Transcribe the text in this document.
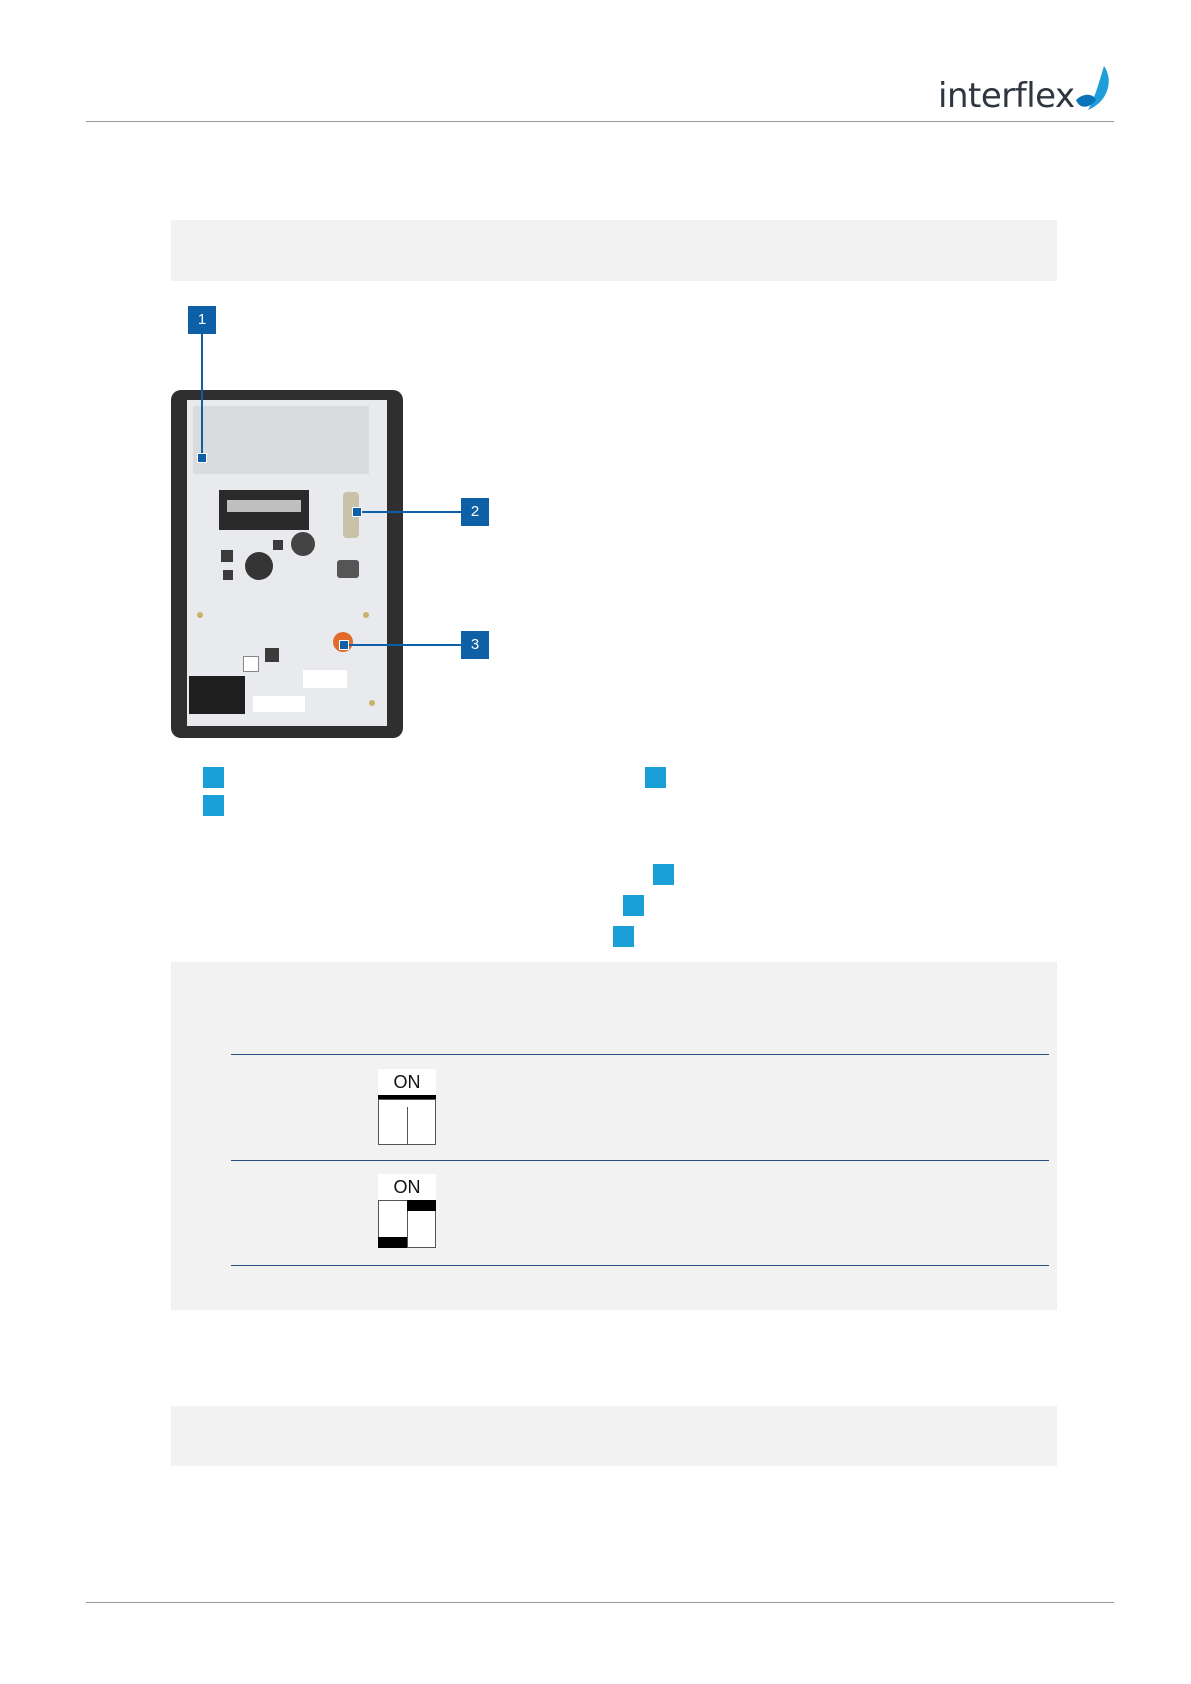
interflex
1
2
3
ON
ON
